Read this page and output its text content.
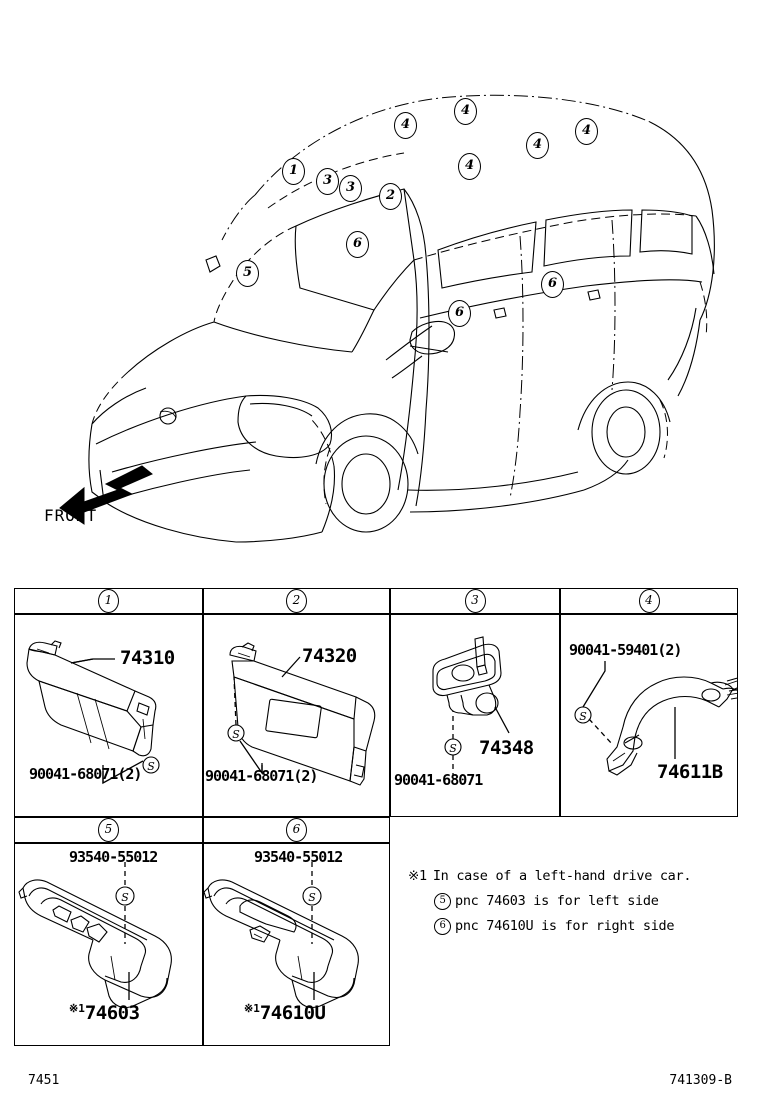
1
3	3
2
4
4
4
4
4
6
5
6
6
FRONT
1	2	3	4
S
74310
90041-68071(2)
S
74320
90041-68071(2)
S 74348
90041-68071
S
90041-59401(2)
74611B
5	6
S
93540-55012
$^{※1}$74603
S
93540-55012
$^{※1}$74610U
※1 In case of a left-hand drive car.
5 pnc 74603 is for left side
6 pnc 74610U is for right side
7451	741309-B
